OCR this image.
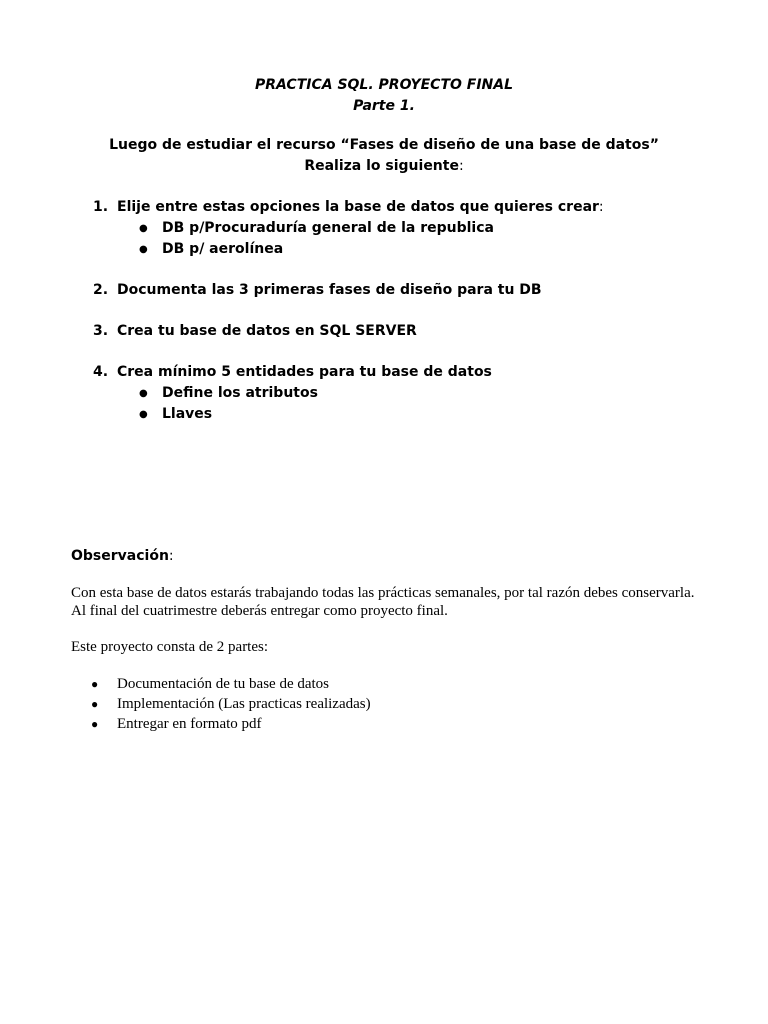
PRACTICA SQL. PROYECTO FINAL

Parte 1.

Luego de estudiar el recurso “Fases de diseño de una base de datos” Realiza lo siguiente:

1. Elije entre estas opciones la base de datos que quieres crear:
● DB p/Procuraduría general de la republica
● DB p/ aerolínea
2. Documenta las 3 primeras fases de diseño para tu DB
3. Crea tu base de datos en SQL SERVER
4. Crea mínimo 5 entidades para tu base de datos
● Define los atributos
● Llaves

Observación:

Con esta base de datos estarás trabajando todas las prácticas semanales, por tal razón debes conservarla. Al final del cuatrimestre deberás entregar como proyecto final.

Este proyecto consta de 2 partes:

● Documentación de tu base de datos
● Implementación (Las practicas realizadas)
● Entregar en formato pdf
